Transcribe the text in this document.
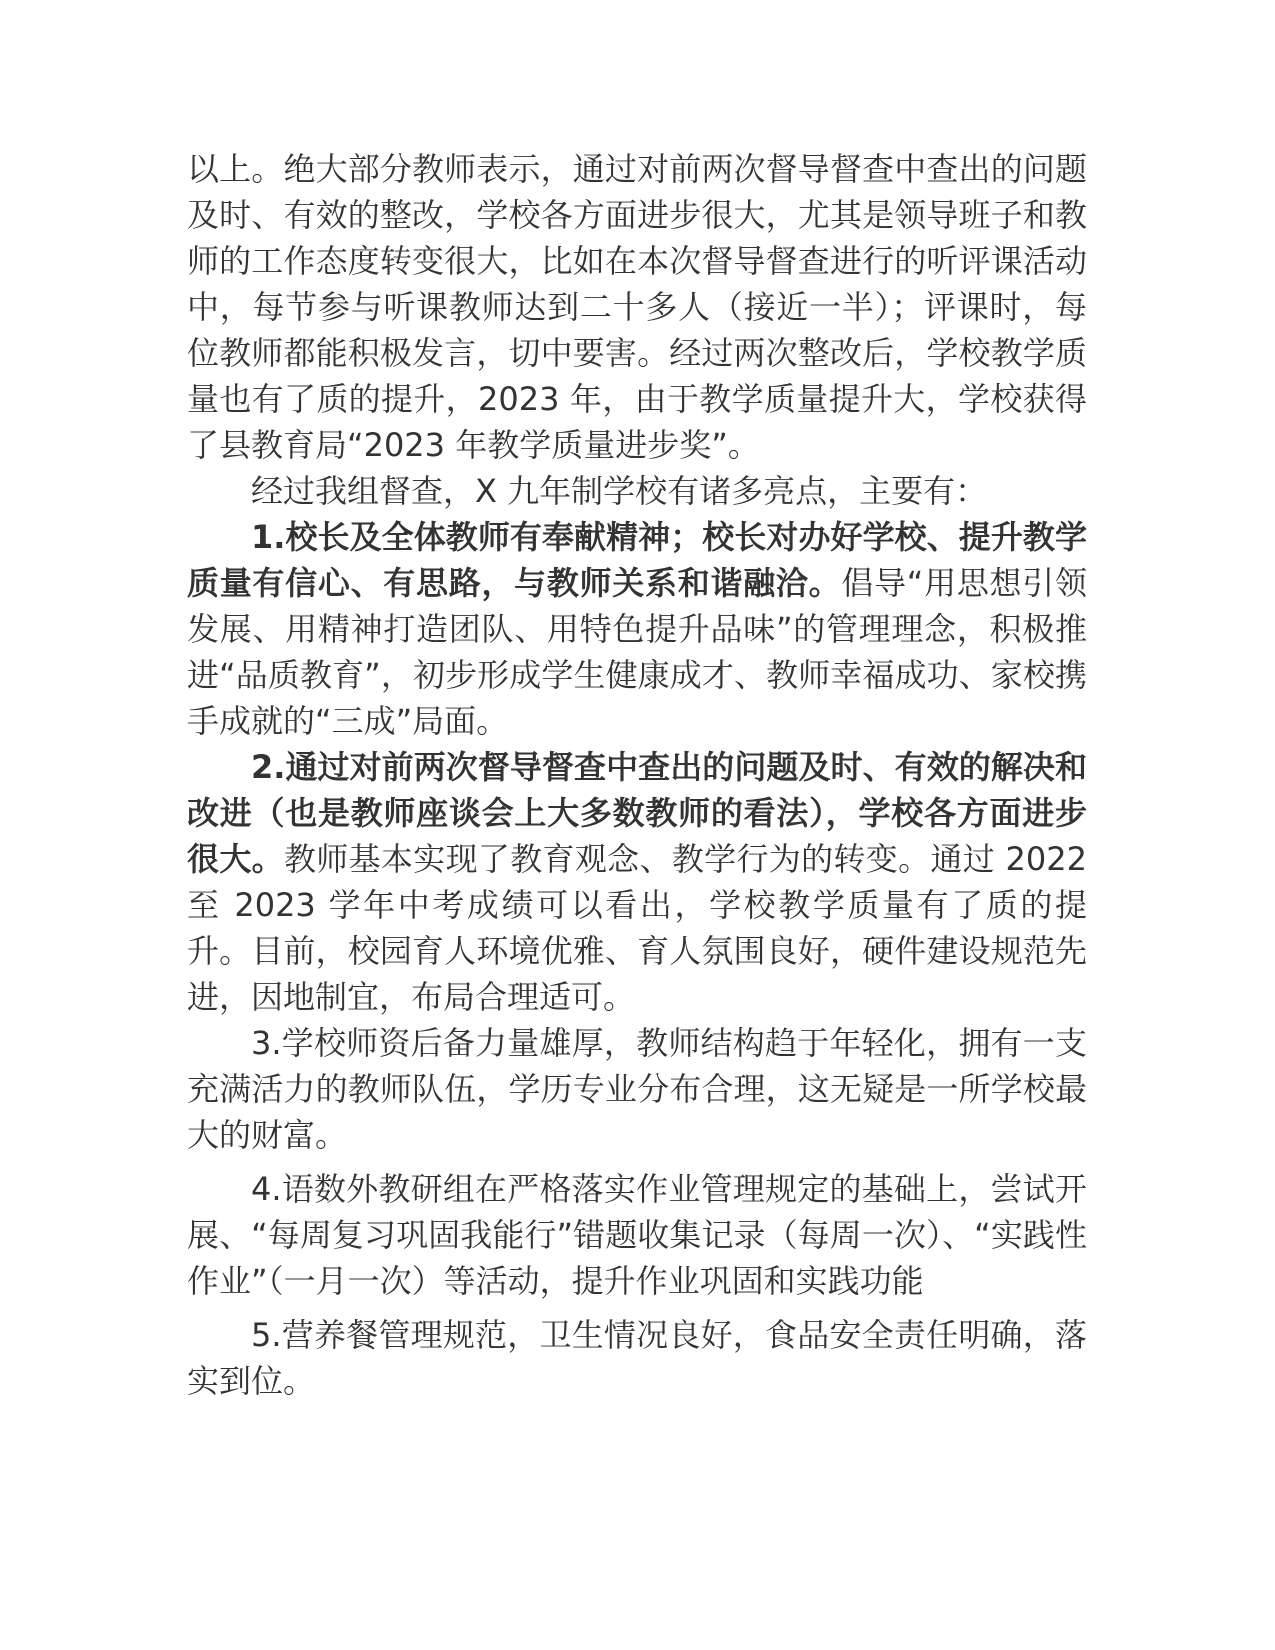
以上。绝大部分教师表示，通过对前两次督导督查中查出的问题及时、有效的整改，学校各方面进步很大，尤其是领导班子和教师的工作态度转变很大，比如在本次督导督查进行的听评课活动中，每节参与听课教师达到二十多人（接近一半）；评课时，每位教师都能积极发言，切中要害。经过两次整改后，学校教学质量也有了质的提升，2023 年，由于教学质量提升大，学校获得了县教育局“2023 年教学质量进步奖”。

经过我组督查，X 九年制学校有诸多亮点，主要有：

1.校长及全体教师有奉献精神；校长对办好学校、提升教学质量有信心、有思路，与教师关系和谐融洽。倡导“用思想引领发展、用精神打造团队、用特色提升品味”的管理理念，积极推进“品质教育”，初步形成学生健康成才、教师幸福成功、家校携手成就的“三成”局面。

2.通过对前两次督导督查中查出的问题及时、有效的解决和改进（也是教师座谈会上大多数教师的看法），学校各方面进步很大。教师基本实现了教育观念、教学行为的转变。通过 2022 至 2023 学年中考成绩可以看出，学校教学质量有了质的提升。目前，校园育人环境优雅、育人氛围良好，硬件建设规范先进，因地制宜，布局合理适可。

3.学校师资后备力量雄厚，教师结构趋于年轻化，拥有一支充满活力的教师队伍，学历专业分布合理，这无疑是一所学校最大的财富。

4.语数外教研组在严格落实作业管理规定的基础上，尝试开展、“每周复习巩固我能行”错题收集记录（每周一次）、“实践性作业”（一月一次）等活动，提升作业巩固和实践功能

5.营养餐管理规范，卫生情况良好，食品安全责任明确，落实到位。
